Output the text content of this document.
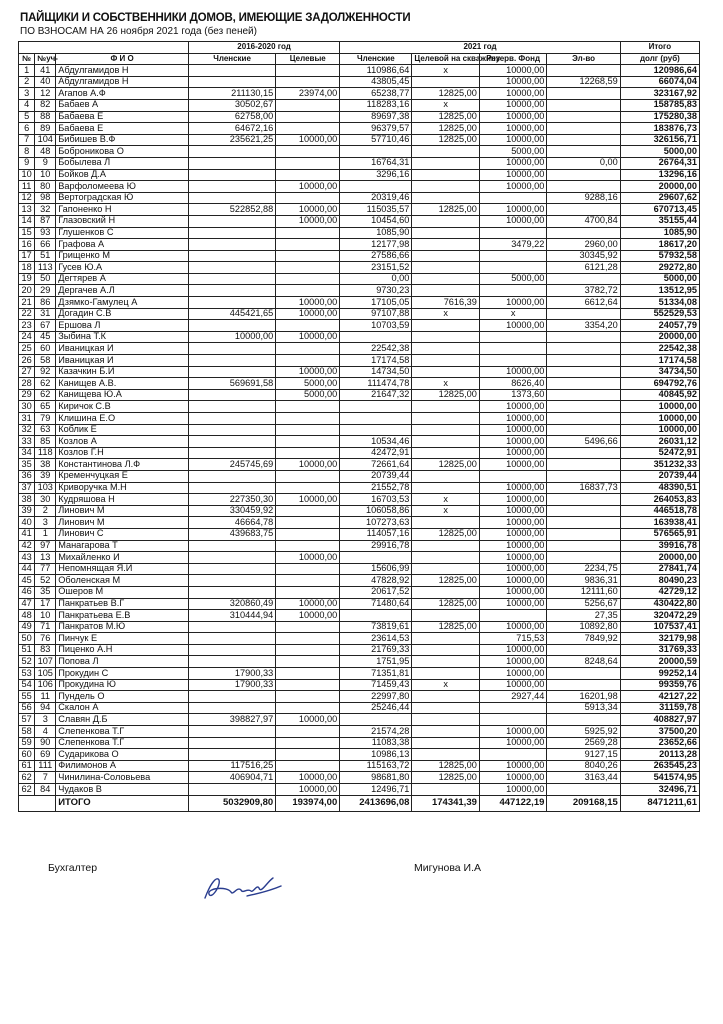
ПАЙЩИКИ И СОБСТВЕННИКИ ДОМОВ, ИМЕЮЩИЕ ЗАДОЛЖЕННОСТИ
ПО ВЗНОСАМ НА 26 ноября 2021 года (без пеней)
			2016-2020 год		2021 год				Итого
№	№уч-	Ф И О	Членские	Целевые	Членские	Целевой на скважину	Резерв. Фонд	Эл-во	долг (руб)
1	41	Абдулгамидов Н			110986,64	x	10000,00		120986,64
2	40	Абдулгамидов Н			43805,45		10000,00	12268,59	66074,04
3	12	Агапов А.Ф	211130,15	23974,00	65238,77	12825,00	10000,00		323167,92
4	82	Бабаев А	30502,67		118283,16	x	10000,00		158785,83
5	88	Бабаева Е	62758,00		89697,38	12825,00	10000,00		175280,38
6	89	Бабаева Е	64672,16		96379,57	12825,00	10000,00		183876,73
7	104	Бибишев В.Ф	235621,25	10000,00	57710,46	12825,00	10000,00		326156,71
8	48	Боброникова О					5000,00		5000,00
9	9	Бобылева Л			16764,31		10000,00	0,00	26764,31
10	10	Бойков Д.А			3296,16		10000,00		13296,16
11	80	Варфоломеева Ю		10000,00			10000,00		20000,00
12	98	Вертоградская Ю			20319,46			9288,16	29607,62
13	32	Гапоненко Н	522852,88	10000,00	115035,57	12825,00	10000,00		670713,45
14	87	Глазовский Н		10000,00	10454,60		10000,00	4700,84	35155,44
15	93	Глушенков С			1085,90				1085,90
16	66	Графова А			12177,98		3479,22	2960,00	18617,20
17	51	Грищенко М			27586,66			30345,92	57932,58
18	113	Гусев Ю.А			23151,52			6121,28	29272,80
19	50	Дегтярев А			0,00		5000,00		5000,00
20	29	Дергачев А.Л			9730,23			3782,72	13512,95
21	86	Дзямко-Гамулец А		10000,00	17105,05	7616,39	10000,00	6612,64	51334,08
22	31	Догадин С.В	445421,65	10000,00	97107,88	x	x		552529,53
23	67	Ершова Л			10703,59		10000,00	3354,20	24057,79
24	45	Зыбина Т.К	10000,00	10000,00					20000,00
25	60	Иваницкая И			22542,38				22542,38
26	58	Иваницкая И			17174,58				17174,58
27	92	Казачкин Б.И		10000,00	14734,50		10000,00		34734,50
28	62	Канищев А.В.	569691,58	5000,00	111474,78	x	8626,40		694792,76
29	62	Канищева Ю.А		5000,00	21647,32	12825,00	1373,60		40845,92
30	65	Киричок С.В					10000,00		10000,00
31	79	Клишина Е.О					10000,00		10000,00
32	63	Коблик Е					10000,00		10000,00
33	85	Козлов А			10534,46		10000,00	5496,66	26031,12
34	118	Козлов Г.Н			42472,91		10000,00		52472,91
35	38	Константинова Л.Ф	245745,69	10000,00	72661,64	12825,00	10000,00		351232,33
36	39	Кременчуцкая Е			20739,44				20739,44
37	103	Криворучка М.Н			21552,78		10000,00	16837,73	48390,51
38	30	Кудряшова Н	227350,30	10000,00	16703,53	x	10000,00		264053,83
39	2	Линович М	330459,92		106058,86	x	10000,00		446518,78
40	3	Линович М	46664,78		107273,63		10000,00		163938,41
41	1	Линович С	439683,75		114057,16	12825,00	10000,00		576565,91
42	97	Манагарова Т			29916,78		10000,00		39916,78
43	13	Михайленко И		10000,00			10000,00		20000,00
44	77	Непомнящая Я.И			15606,99		10000,00	2234,75	27841,74
45	52	Оболенская М			47828,92	12825,00	10000,00	9836,31	80490,23
46	35	Ошеров М			20617,52		10000,00	12111,60	42729,12
47	17	Панкратьев В.Г	320860,49	10000,00	71480,64	12825,00	10000,00	5256,67	430422,80
48	10	Панкратьева Е.В	310444,94	10000,00				27,35	320472,29
49	71	Панкратов М.Ю			73819,61	12825,00	10000,00	10892,80	107537,41
50	76	Пинчук Е			23614,53		715,53	7849,92	32179,98
51	83	Пиценко А.Н			21769,33		10000,00		31769,33
52	107	Попова Л			1751,95		10000,00	8248,64	20000,59
53	105	Прокудин С	17900,33		71351,81		10000,00		99252,14
54	106	Прокудина Ю	17900,33		71459,43	x	10000,00		99359,76
55	11	Пундель О			22997,80		2927,44	16201,98	42127,22
56	94	Скалон А			25246,44			5913,34	31159,78
57	3	Славян Д.Б	398827,97	10000,00					408827,97
58	4	Слепенкова Т.Г			21574,28		10000,00	5925,92	37500,20
59	90	Слепенкова Т.Г			11083,38		10000,00	2569,28	23652,66
60	69	Сударикова О			10986,13			9127,15	20113,28
61	111	Филимонов А	117516,25		115163,72	12825,00	10000,00	8040,26	263545,23
62	7	Чинилина-Соловьева	406904,71	10000,00	98681,80	12825,00	10000,00	3163,44	541574,95
62	84	Чудаков В		10000,00	12496,71		10000,00		32496,71
		ИТОГО	5032909,80	193974,00	2413696,08	174341,39	447122,19	209168,15	8471211,61
Бухгалтер	Мигунова И.А
